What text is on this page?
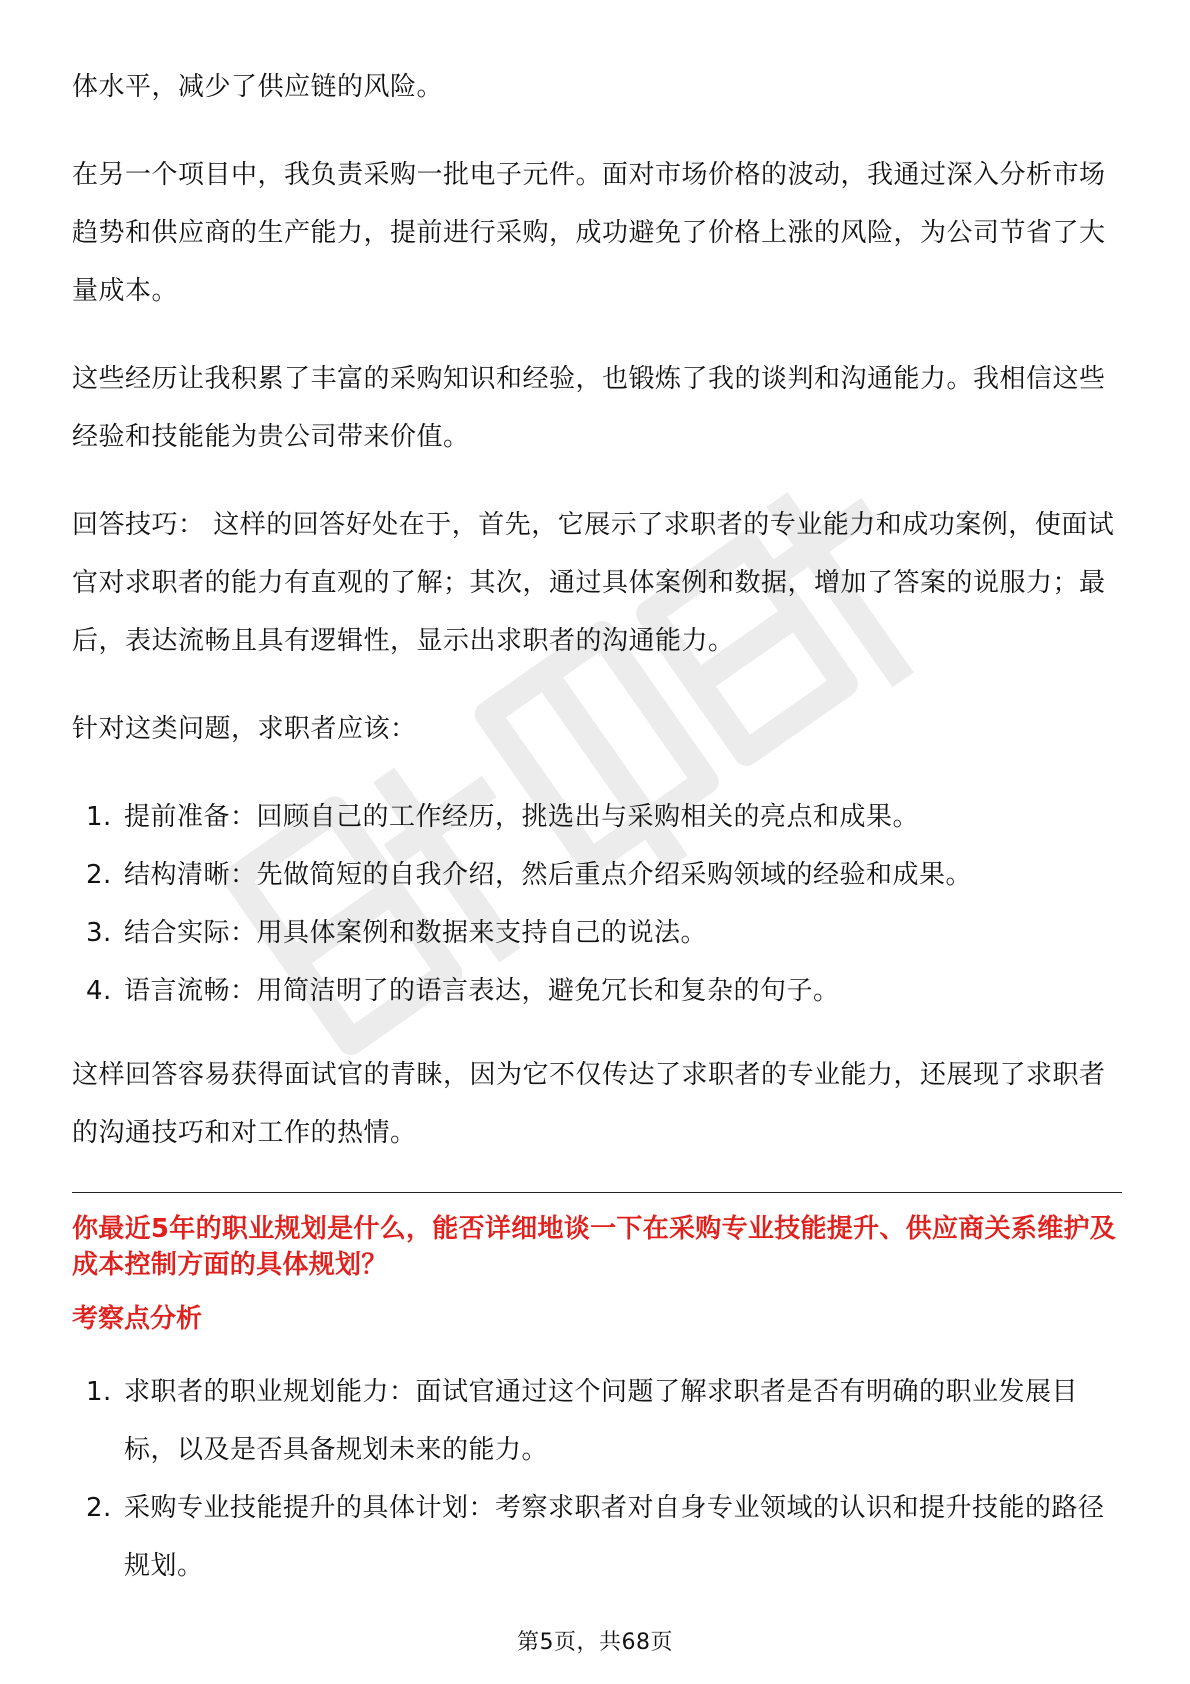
体水平，减少了供应链的风险。

在另一个项目中，我负责采购一批电子元件。面对市场价格的波动，我通过深入分析市场趋势和供应商的生产能力，提前进行采购，成功避免了价格上涨的风险，为公司节省了大量成本。

这些经历让我积累了丰富的采购知识和经验，也锻炼了我的谈判和沟通能力。我相信这些经验和技能能为贵公司带来价值。

回答技巧： 这样的回答好处在于，首先，它展示了求职者的专业能力和成功案例，使面试官对求职者的能力有直观的了解；其次，通过具体案例和数据，增加了答案的说服力；最后，表达流畅且具有逻辑性，显示出求职者的沟通能力。

针对这类问题，求职者应该：

1. 提前准备：回顾自己的工作经历，挑选出与采购相关的亮点和成果。
2. 结构清晰：先做简短的自我介绍，然后重点介绍采购领域的经验和成果。
3. 结合实际：用具体案例和数据来支持自己的说法。
4. 语言流畅：用简洁明了的语言表达，避免冗长和复杂的句子。

这样回答容易获得面试官的青睐，因为它不仅传达了求职者的专业能力，还展现了求职者的沟通技巧和对工作的热情。

你最近5年的职业规划是什么，能否详细地谈一下在采购专业技能提升、供应商关系维护及成本控制方面的具体规划？
考察点分析
1. 求职者的职业规划能力：面试官通过这个问题了解求职者是否有明确的职业发展目标，以及是否具备规划未来的能力。
2. 采购专业技能提升的具体计划：考察求职者对自身专业领域的认识和提升技能的路径规划。
第5页，共68页
